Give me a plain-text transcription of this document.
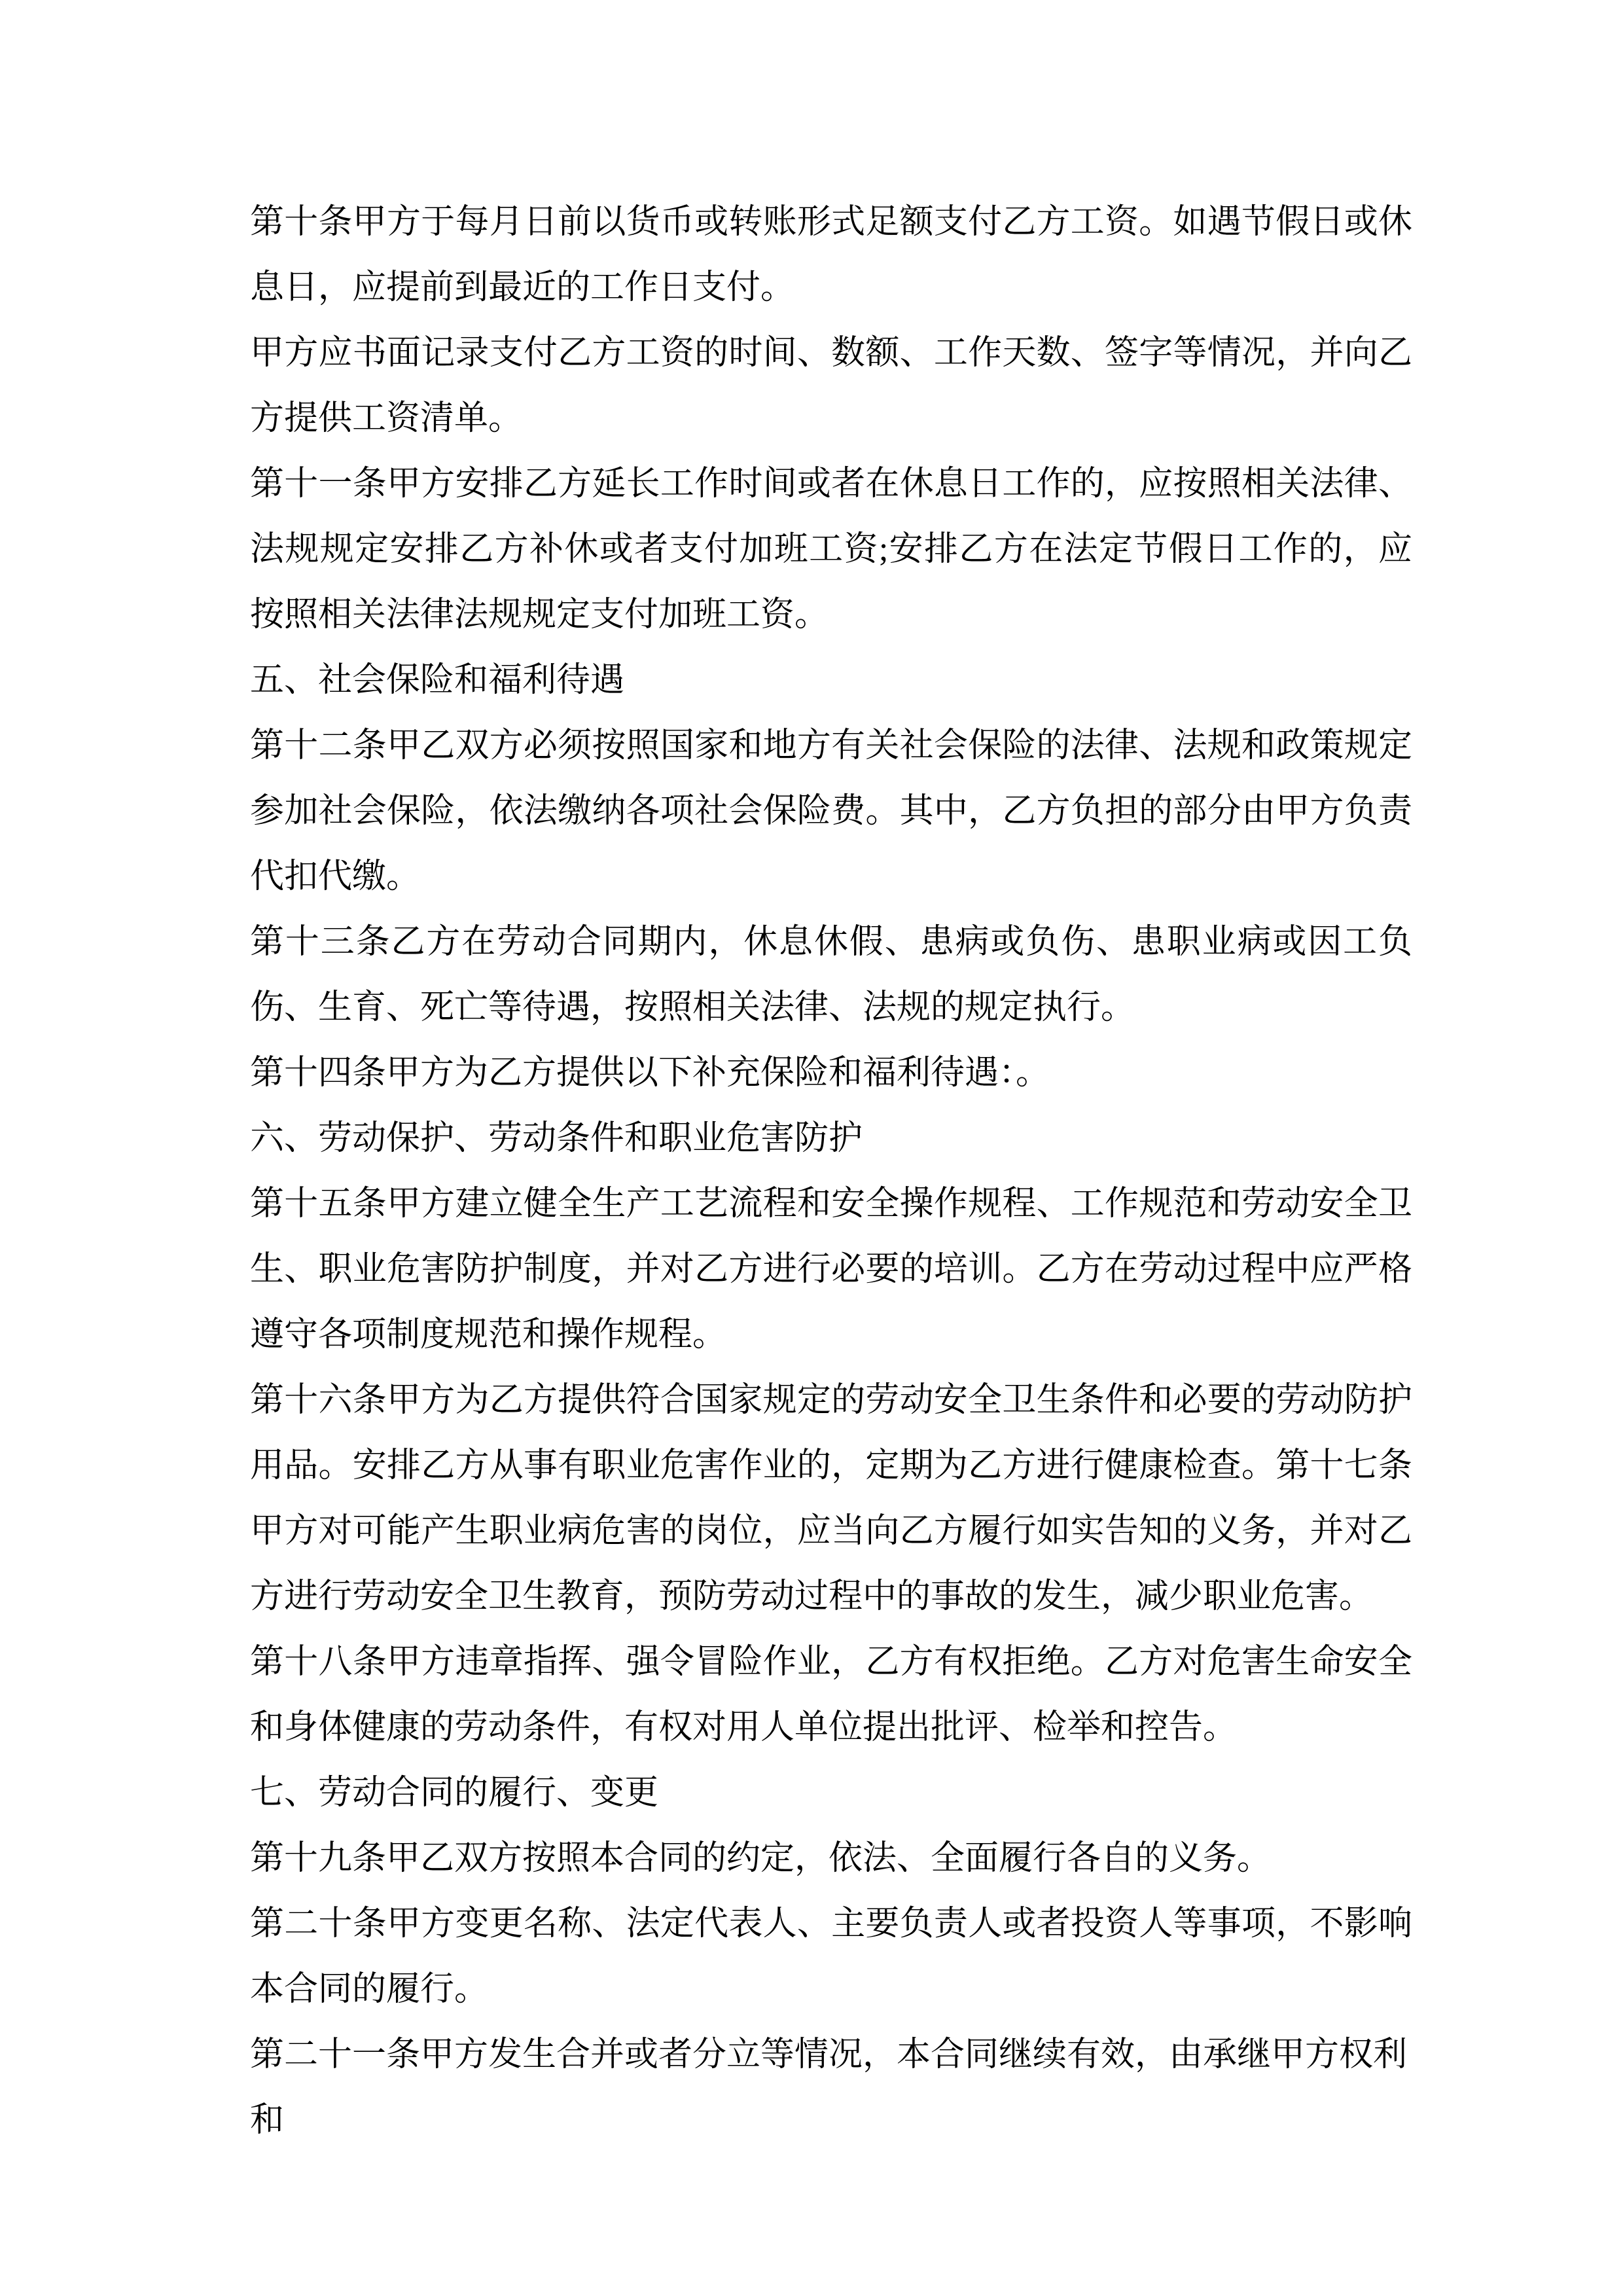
第十条甲方于每月日前以货币或转账形式足额支付乙方工资。如遇节假日或休息日，应提前到最近的工作日支付。

甲方应书面记录支付乙方工资的时间、数额、工作天数、签字等情况，并向乙方提供工资清单。

第十一条甲方安排乙方延长工作时间或者在休息日工作的，应按照相关法律、法规规定安排乙方补休或者支付加班工资;安排乙方在法定节假日工作的，应按照相关法律法规规定支付加班工资。

五、社会保险和福利待遇

第十二条甲乙双方必须按照国家和地方有关社会保险的法律、法规和政策规定参加社会保险，依法缴纳各项社会保险费。其中，乙方负担的部分由甲方负责代扣代缴。

第十三条乙方在劳动合同期内，休息休假、患病或负伤、患职业病或因工负伤、生育、死亡等待遇，按照相关法律、法规的规定执行。

第十四条甲方为乙方提供以下补充保险和福利待遇：。

六、劳动保护、劳动条件和职业危害防护

第十五条甲方建立健全生产工艺流程和安全操作规程、工作规范和劳动安全卫生、职业危害防护制度，并对乙方进行必要的培训。乙方在劳动过程中应严格遵守各项制度规范和操作规程。

第十六条甲方为乙方提供符合国家规定的劳动安全卫生条件和必要的劳动防护用品。安排乙方从事有职业危害作业的，定期为乙方进行健康检查。第十七条甲方对可能产生职业病危害的岗位，应当向乙方履行如实告知的义务，并对乙方进行劳动安全卫生教育，预防劳动过程中的事故的发生，减少职业危害。

第十八条甲方违章指挥、强令冒险作业，乙方有权拒绝。乙方对危害生命安全和身体健康的劳动条件，有权对用人单位提出批评、检举和控告。

七、劳动合同的履行、变更

第十九条甲乙双方按照本合同的约定，依法、全面履行各自的义务。

第二十条甲方变更名称、法定代表人、主要负责人或者投资人等事项，不影响本合同的履行。

第二十一条甲方发生合并或者分立等情况，本合同继续有效，由承继甲方权利和
